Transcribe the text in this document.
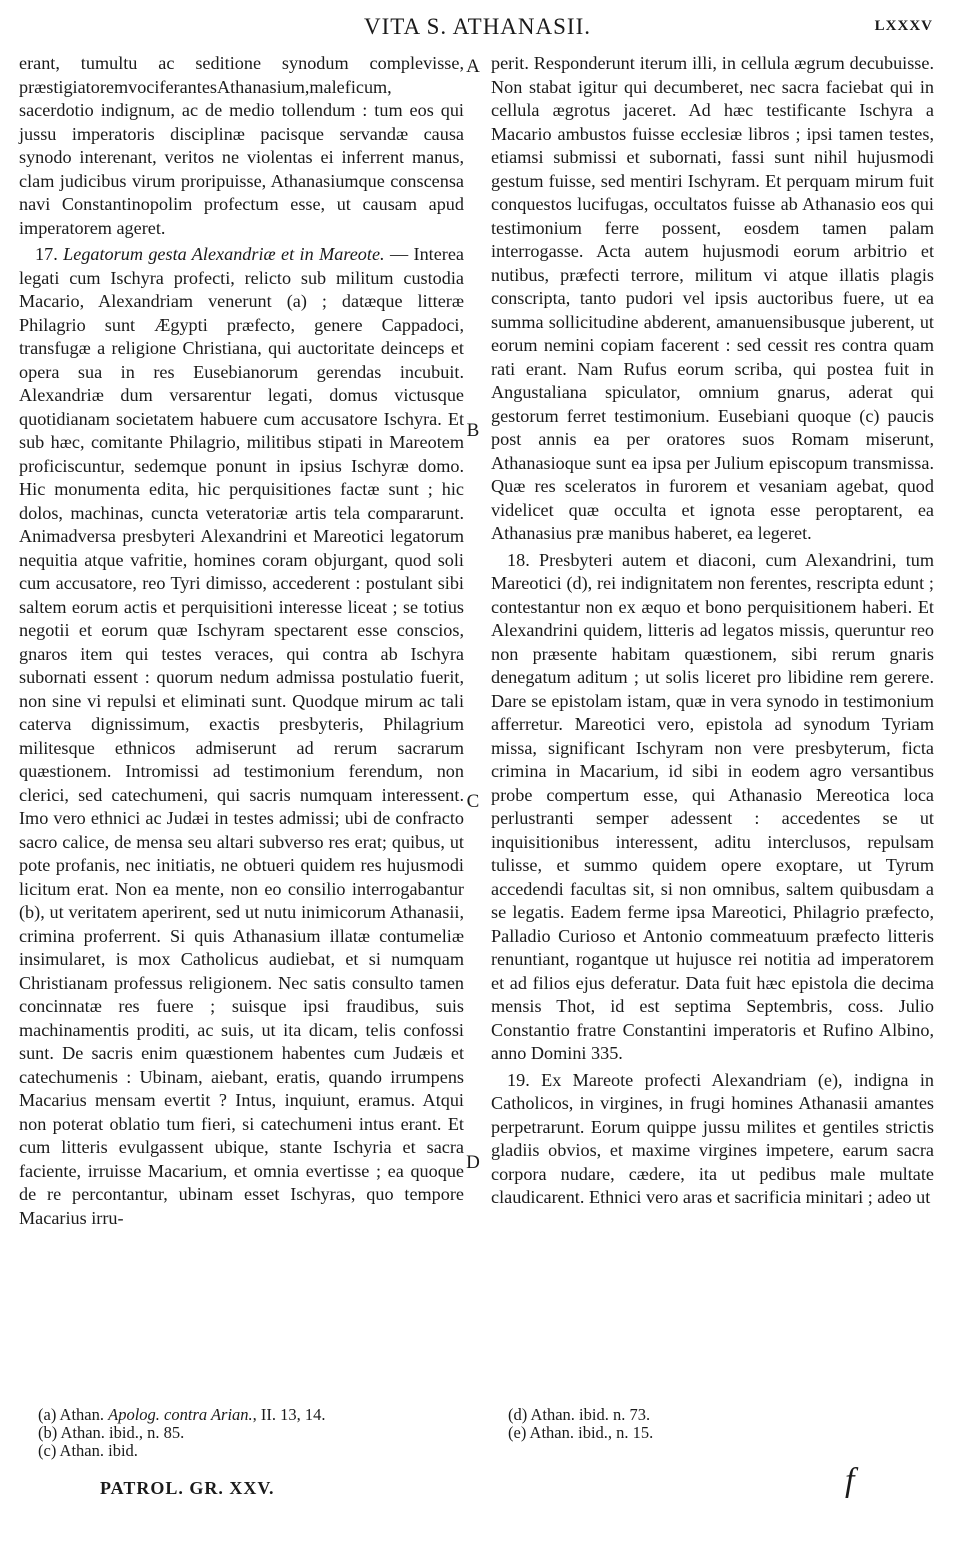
VITA S. ATHANASII.	LXXXV

erant, tumultu ac seditione synodum complevisse, præstigiatoremvociferantesAthanasium,maleficum, sacerdotio indignum, ac de medio tollendum : tum eos qui jussu imperatoris disciplinæ pacisque servandæ causa synodo interenant, veritos ne violentas ei inferrent manus, clam judicibus virum proripuisse, Athanasiumque conscensa navi Constantinopolim profectum esse, ut causam apud imperatorem ageret.

17. Legatorum gesta Alexandriæ et in Mareote. — Interea legati cum Ischyra profecti, relicto sub militum custodia Macario, Alexandriam venerunt (a) ; datæque litteræ Philagrio sunt Ægypti præfecto, genere Cappadoci, transfugæ a religione Christiana, qui auctoritate deinceps et opera sua in res Eusebianorum gerendas incubuit. Alexandriæ dum versarentur legati, domus victusque quotidianam societatem habuere cum accusatore Ischyra. Et sub hæc, comitante Philagrio, militibus stipati in Mareotem proficiscuntur, sedemque ponunt in ipsius Ischyræ domo. Hic monumenta edita, hic perquisitiones factæ sunt ; hic dolos, machinas, cuncta veteratoriæ artis tela compararunt. Animadversa presbyteri Alexandrini et Mareotici legatorum nequitia atque vafritie, homines coram objurgant, quod soli cum accusatore, reo Tyri dimisso, accederent : postulant sibi saltem eorum actis et perquisitioni interesse liceat ; se totius negotii et eorum quæ Ischyram spectarent esse conscios, gnaros item qui testes veraces, qui contra ab Ischyra subornati essent : quorum nedum admissa postulatio fuerit, non sine vi repulsi et eliminati sunt. Quodque mirum ac tali caterva dignissimum, exactis presbyteris, Philagrium militesque ethnicos admiserunt ad rerum sacrarum quæstionem. Intromissi ad testimonium ferendum, non clerici, sed catechumeni, qui sacris numquam interessent. Imo vero ethnici ac Judæi in testes admissi; ubi de confracto sacro calice, de mensa seu altari subverso res erat; quibus, ut pote profanis, nec initiatis, ne obtueri quidem res hujusmodi licitum erat. Non ea mente, non eo consilio interrogabantur (b), ut veritatem aperirent, sed ut nutu inimicorum Athanasii, crimina proferrent. Si quis Athanasium illatæ contumeliæ insimularet, is mox Catholicus audiebat, et si numquam Christianam professus religionem. Nec satis consulto tamen concinnatæ res fuere ; suisque ipsi fraudibus, suis machinamentis proditi, ac suis, ut ita dicam, telis confossi sunt. De sacris enim quæstionem habentes cum Judæis et catechumenis : Ubinam, aiebant, eratis, quando irrumpens Macarius mensam evertit ? Intus, inquiunt, eramus. Atqui non poterat oblatio tum fieri, si catechumeni intus erant. Et cum litteris evulgassent ubique, stante Ischyria et sacra faciente, irruisse Macarium, et omnia evertisse ; ea quoque de re percontantur, ubinam esset Ischyras, quo tempore Macarius irru-

A
B
C
D

perit. Responderunt iterum illi, in cellula ægrum decubuisse. Non stabat igitur qui decumberet, nec sacra faciebat qui in cellula ægrotus jaceret. Ad hæc testificante Ischyra a Macario ambustos fuisse ecclesiæ libros ; ipsi tamen testes, etiamsi submissi et subornati, fassi sunt nihil hujusmodi gestum fuisse, sed mentiri Ischyram. Et perquam mirum fuit conquestos lucifugas, occultatos fuisse ab Athanasio eos qui testimonium ferre possent, eosdem tamen palam interrogasse. Acta autem hujusmodi eorum arbitrio et nutibus, præfecti terrore, militum vi atque illatis plagis conscripta, tanto pudori vel ipsis auctoribus fuere, ut ea summa sollicitudine abderent, amanuensibusque juberent, ut eorum nemini copiam facerent : sed cessit res contra quam rati erant. Nam Rufus eorum scriba, qui postea fuit in Angustaliana spiculator, omnium gnarus, aderat qui gestorum ferret testimonium. Eusebiani quoque (c) paucis post annis ea per oratores suos Romam miserunt, Athanasioque sunt ea ipsa per Julium episcopum transmissa. Quæ res sceleratos in furorem et vesaniam agebat, quod videlicet quæ occulta et ignota esse peroptarent, ea Athanasius præ manibus haberet, ea legeret.

18. Presbyteri autem et diaconi, cum Alexandrini, tum Mareotici (d), rei indignitatem non ferentes, rescripta edunt ; contestantur non ex æquo et bono perquisitionem haberi. Et Alexandrini quidem, litteris ad legatos missis, queruntur reo non præsente habitam quæstionem, sibi rerum gnaris denegatum aditum ; ut solis liceret pro libidine rem gerere. Dare se epistolam istam, quæ in vera synodo in testimonium afferretur. Mareotici vero, epistola ad synodum Tyriam missa, significant Ischyram non vere presbyterum, ficta crimina in Macarium, id sibi in eodem agro versantibus probe compertum esse, qui Athanasio Mereotica loca perlustranti semper adessent : accedentes se ut inquisitionibus interessent, aditu interclusos, repulsam tulisse, et summo quidem opere exoptare, ut Tyrum accedendi facultas sit, si non omnibus, saltem quibusdam a se legatis. Eadem ferme ipsa Mareotici, Philagrio præfecto, Palladio Curioso et Antonio commeatuum præfecto litteris renuntiant, rogantque ut hujusce rei notitia ad imperatorem et ad filios ejus deferatur. Data fuit hæc epistola die decima mensis Thot, id est septima Septembris, coss. Julio Constantio fratre Constantini imperatoris et Rufino Albino, anno Domini 335.

19. Ex Mareote profecti Alexandriam (e), indigna in Catholicos, in virgines, in frugi homines Athanasii amantes perpetrarunt. Eorum quippe jussu milites et gentiles strictis gladiis obvios, et maxime virgines impetere, earum sacra corpora nudare, cædere, ita ut pedibus male multate claudicarent. Ethnici vero aras et sacrificia minitari ; adeo ut

(a) Athan. Apolog. contra Arian., II. 13, 14.
(b) Athan. ibid., n. 85.
(c) Athan. ibid.
(d) Athan. ibid. n. 73.
(e) Athan. ibid., n. 15.
PATROL. GR. XXV.	f
